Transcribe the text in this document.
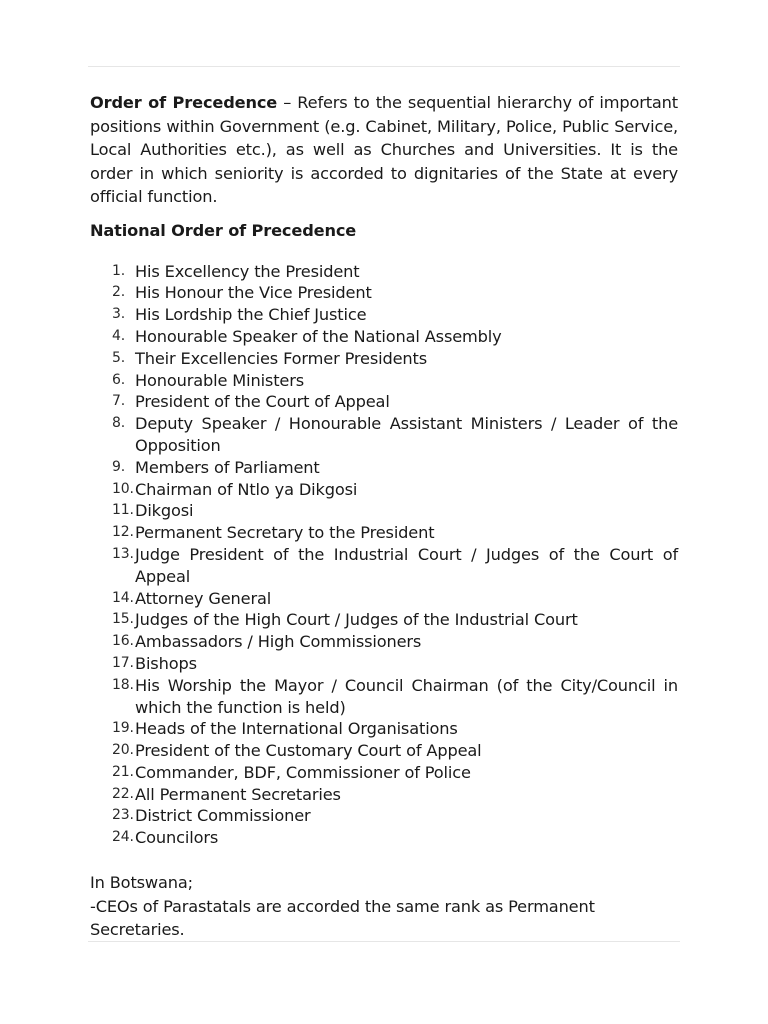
Order of Precedence – Refers to the sequential hierarchy of important positions within Government (e.g. Cabinet, Military, Police, Public Service, Local Authorities etc.), as well as Churches and Universities. It is the order in which seniority is accorded to dignitaries of the State at every official function.

National Order of Precedence
1. His Excellency the President
2. His Honour the Vice President
3. His Lordship the Chief Justice
4. Honourable Speaker of the National Assembly
5. Their Excellencies Former Presidents
6. Honourable Ministers
7. President of the Court of Appeal
8. Deputy Speaker / Honourable Assistant Ministers / Leader of the Opposition
9. Members of Parliament
10. Chairman of Ntlo ya Dikgosi
11. Dikgosi
12. Permanent Secretary to the President
13. Judge President of the Industrial Court / Judges of the Court of Appeal
14. Attorney General
15. Judges of the High Court / Judges of the Industrial Court
16. Ambassadors / High Commissioners
17. Bishops
18. His Worship the Mayor / Council Chairman (of the City/Council in which the function is held)
19. Heads of the International Organisations
20. President of the Customary Court of Appeal
21. Commander, BDF, Commissioner of Police
22. All Permanent Secretaries
23. District Commissioner
24. Councilors
In Botswana;
-CEOs of Parastatals are accorded the same rank as Permanent Secretaries.
